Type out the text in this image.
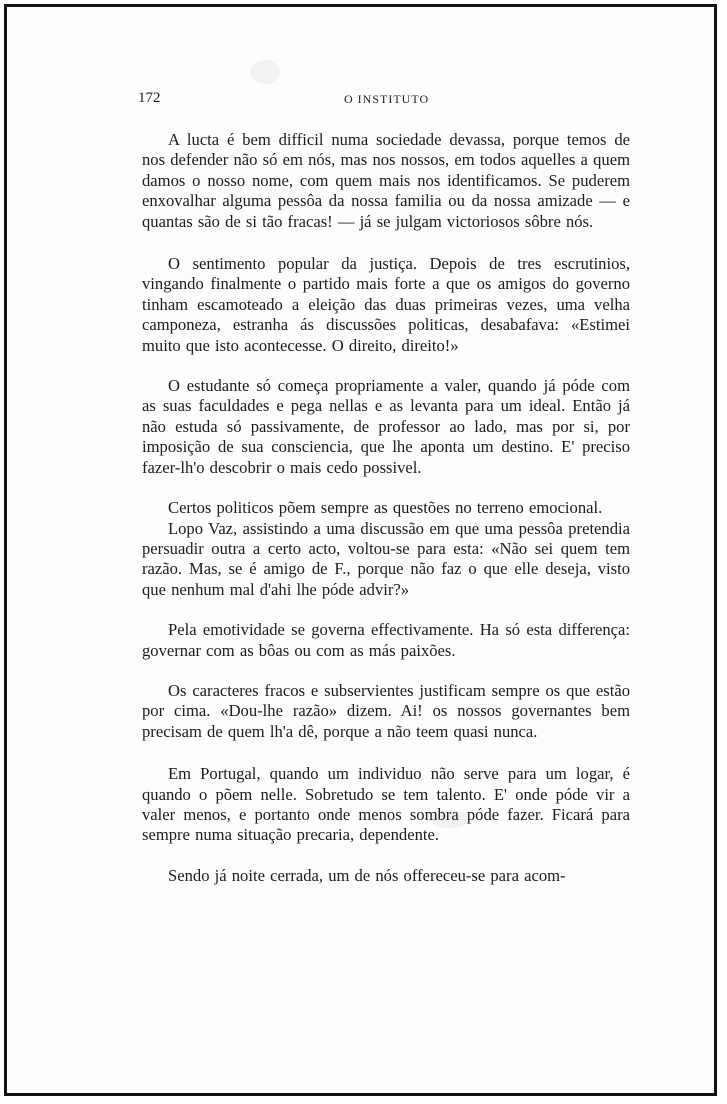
172	O INSTITUTO

A lucta é bem difficil numa sociedade devassa, porque temos de nos defender não só em nós, mas nos nossos, em todos aquelles a quem damos o nosso nome, com quem mais nos identificamos. Se puderem enxovalhar alguma pessôa da nossa familia ou da nossa amizade — e quantas são de si tão fracas! — já se julgam victoriosos sôbre nós.

O sentimento popular da justiça. Depois de tres escrutinios, vingando finalmente o partido mais forte a que os amigos do governo tinham escamoteado a eleição das duas primeiras vezes, uma velha camponeza, estranha ás discussões politicas, desabafava: «Estimei muito que isto acontecesse. O direito, direito!»

O estudante só começa propriamente a valer, quando já póde com as suas faculdades e pega nellas e as levanta para um ideal. Então já não estuda só passivamente, de professor ao lado, mas por si, por imposição de sua consciencia, que lhe aponta um destino. E' preciso fazer-lh'o descobrir o mais cedo possivel.

Certos politicos põem sempre as questões no terreno emocional.

Lopo Vaz, assistindo a uma discussão em que uma pessôa pretendia persuadir outra a certo acto, voltou-se para esta: «Não sei quem tem razão. Mas, se é amigo de F., porque não faz o que elle deseja, visto que nenhum mal d'ahi lhe póde advir?»

Pela emotividade se governa effectivamente. Ha só esta differença: governar com as bôas ou com as más paixões.

Os caracteres fracos e subservientes justificam sempre os que estão por cima. «Dou-lhe razão» dizem. Ai! os nossos governantes bem precisam de quem lh'a dê, porque a não teem quasi nunca.

Em Portugal, quando um individuo não serve para um logar, é quando o põem nelle. Sobretudo se tem talento. E' onde póde vir a valer menos, e portanto onde menos sombra póde fazer. Ficará para sempre numa situação precaria, dependente.

Sendo já noite cerrada, um de nós offereceu-se para acom-
